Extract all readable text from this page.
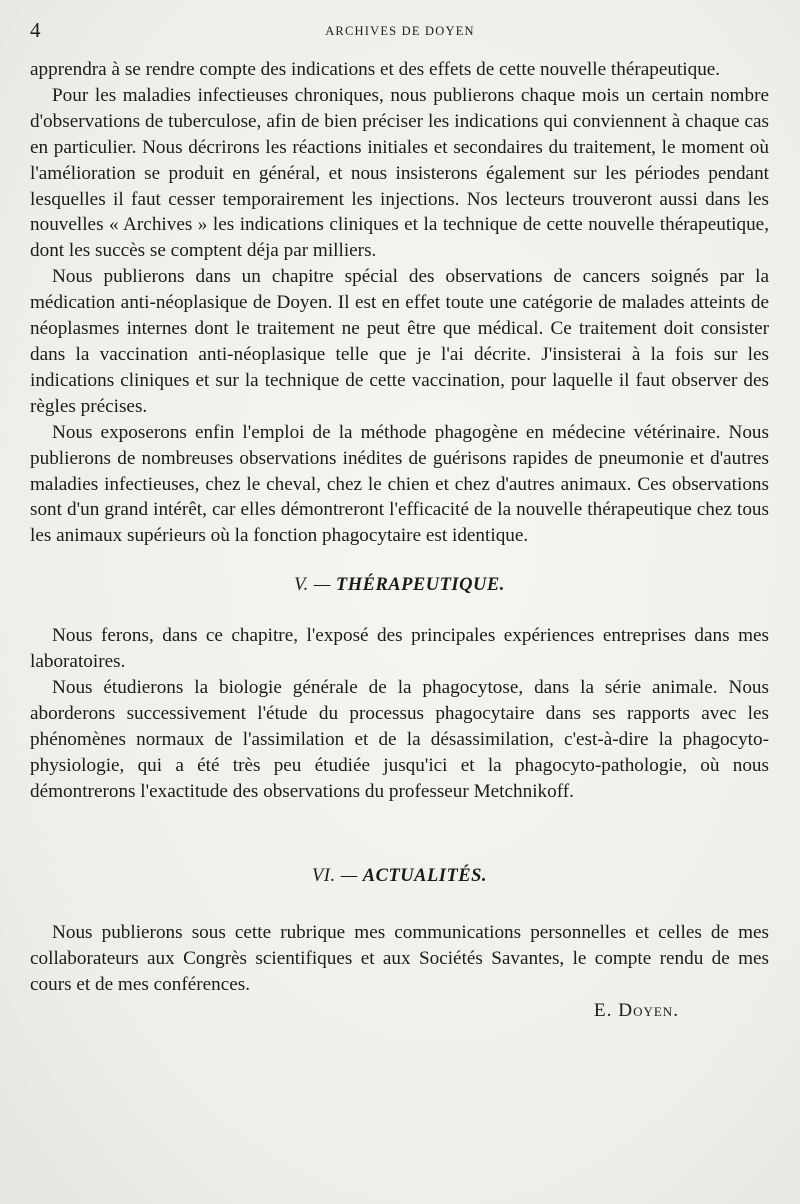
4	ARCHIVES DE DOYEN

apprendra à se rendre compte des indications et des effets de cette nouvelle thérapeutique.

Pour les maladies infectieuses chroniques, nous publierons chaque mois un certain nombre d'observations de tuberculose, afin de bien préciser les indications qui conviennent à chaque cas en particulier. Nous décrirons les réactions initiales et secondaires du traitement, le moment où l'amélioration se produit en général, et nous insisterons également sur les périodes pendant lesquelles il faut cesser temporairement les injections. Nos lecteurs trouveront aussi dans les nouvelles « Archives » les indications cliniques et la technique de cette nouvelle thérapeutique, dont les succès se comptent déja par milliers.

Nous publierons dans un chapitre spécial des observations de cancers soignés par la médication anti-néoplasique de Doyen. Il est en effet toute une catégorie de malades atteints de néoplasmes internes dont le traitement ne peut être que médical. Ce traitement doit consister dans la vaccination anti-néoplasique telle que je l'ai décrite. J'insisterai à la fois sur les indications cliniques et sur la technique de cette vaccination, pour laquelle il faut observer des règles précises.

Nous exposerons enfin l'emploi de la méthode phagogène en médecine vétérinaire. Nous publierons de nombreuses observations inédites de guérisons rapides de pneumonie et d'autres maladies infectieuses, chez le cheval, chez le chien et chez d'autres animaux. Ces observations sont d'un grand intérêt, car elles démontreront l'efficacité de la nouvelle thérapeutique chez tous les animaux supérieurs où la fonction phagocytaire est identique.

V. — THÉRAPEUTIQUE.

Nous ferons, dans ce chapitre, l'exposé des principales expériences entreprises dans mes laboratoires.

Nous étudierons la biologie générale de la phagocytose, dans la série animale. Nous aborderons successivement l'étude du processus phagocytaire dans ses rapports avec les phénomènes normaux de l'assimilation et de la désassimilation, c'est-à-dire la phagocyto-physiologie, qui a été très peu étudiée jusqu'ici et la phagocyto-pathologie, où nous démontrerons l'exactitude des observations du professeur Metchnikoff.

VI. — ACTUALITÉS.

Nous publierons sous cette rubrique mes communications personnelles et celles de mes collaborateurs aux Congrès scientifiques et aux Sociétés Savantes, le compte rendu de mes cours et de mes conférences.

E. Doyen.
